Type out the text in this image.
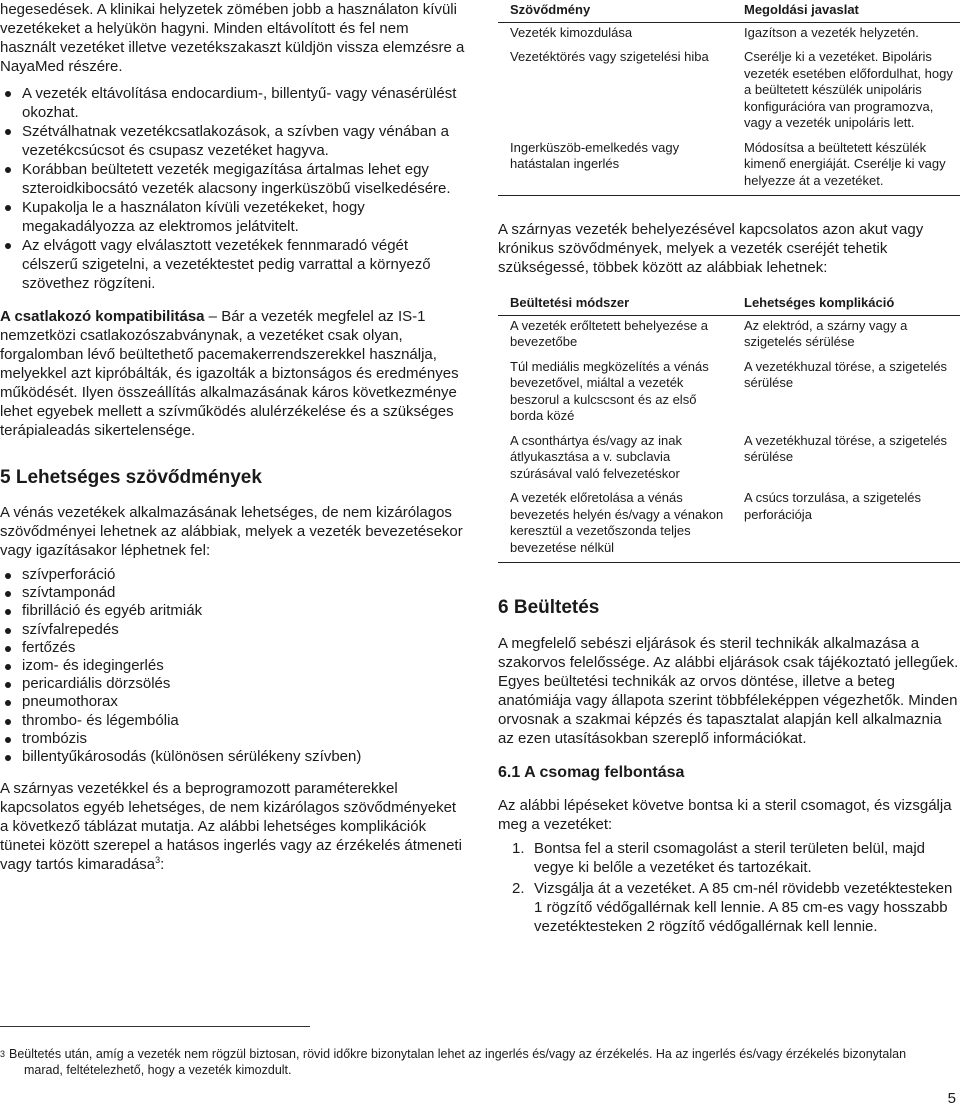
hegesedések. A klinikai helyzetek zömében jobb a használaton kívüli vezetékeket a helyükön hagyni. Minden eltávolított és fel nem használt vezetéket illetve vezetékszakaszt küldjön vissza elemzésre a NayaMed részére.

A vezeték eltávolítása endocardium-, billentyű- vagy vénasérülést okozhat.
Szétválhatnak vezetékcsatlakozások, a szívben vagy vénában a vezetékcsúcsot és csupasz vezetéket hagyva.
Korábban beültetett vezeték megigazítása ártalmas lehet egy szteroidkibocsátó vezeték alacsony ingerküszöbű viselkedésére.
Kupakolja le a használaton kívüli vezetékeket, hogy megakadályozza az elektromos jelátvitelt.
Az elvágott vagy elválasztott vezetékek fennmaradó végét célszerű szigetelni, a vezetéktestet pedig varrattal a környező szövethez rögzíteni.

A csatlakozó kompatibilitása – Bár a vezeték megfelel az IS-1 nemzetközi csatlakozószabványnak, a vezetéket csak olyan, forgalomban lévő beültethető pacemakerrendszerekkel használja, melyekkel azt kipróbálták, és igazolták a biztonságos és eredményes működését. Ilyen összeállítás alkalmazásának káros következménye lehet egyebek mellett a szívműködés alulérzékelése és a szükséges terápialeadás sikertelensége.

5 Lehetséges szövődmények

A vénás vezetékek alkalmazásának lehetséges, de nem kizárólagos szövődményei lehetnek az alábbiak, melyek a vezeték bevezetésekor vagy igazításakor léphetnek fel:

szívperforáció
szívtamponád
fibrilláció és egyéb aritmiák
szívfalrepedés
fertőzés
izom- és idegingerlés
pericardiális dörzsölés
pneumothorax
thrombo- és légembólia
trombózis
billentyűkárosodás (különösen sérülékeny szívben)

A szárnyas vezetékkel és a beprogramozott paraméterekkel kapcsolatos egyéb lehetséges, de nem kizárólagos szövődményeket a következő táblázat mutatja. Az alábbi lehetséges komplikációk tünetei között szerepel a hatásos ingerlés vagy az érzékelés átmeneti vagy tartós kimaradása$^3$:

Szövődmény	Megoldási javaslat
Vezeték kimozdulása	Igazítson a vezeték helyzetén.
Vezetéktörés vagy szigetelési hiba	Cserélje ki a vezetéket. Bipoláris vezeték esetében előfordulhat, hogy a beültetett készülék unipoláris konfigurációra van programozva, vagy a vezeték unipoláris lett.
Ingerküszöb-emelkedés vagy hatástalan ingerlés	Módosítsa a beültetett készülék kimenő energiáját. Cserélje ki vagy helyezze át a vezetéket.

A szárnyas vezeték behelyezésével kapcsolatos azon akut vagy krónikus szövődmények, melyek a vezeték cseréjét tehetik szükségessé, többek között az alábbiak lehetnek:

Beültetési módszer	Lehetséges komplikáció
A vezeték erőltetett behelyezése a bevezetőbe	Az elektród, a szárny vagy a szigetelés sérülése
Túl mediális megközelítés a vénás bevezetővel, miáltal a vezeték beszorul a kulcscsont és az első borda közé	A vezetékhuzal törése, a szigetelés sérülése
A csonthártya és/vagy az inak átlyukasztása a v. subclavia szúrásával való felvezetéskor	A vezetékhuzal törése, a szigetelés sérülése
A vezeték előretolása a vénás bevezetés helyén és/vagy a vénakon keresztül a vezetőszonda teljes bevezetése nélkül	A csúcs torzulása, a szigetelés perforációja
6 Beültetés

A megfelelő sebészi eljárások és steril technikák alkalmazása a szakorvos felelőssége. Az alábbi eljárások csak tájékoztató jellegűek. Egyes beültetési technikák az orvos döntése, illetve a beteg anatómiája vagy állapota szerint többféleképpen végezhetők. Minden orvosnak a szakmai képzés és tapasztalat alapján kell alkalmaznia az ezen utasításokban szereplő információkat.

6.1 A csomag felbontása

Az alábbi lépéseket követve bontsa ki a steril csomagot, és vizsgálja meg a vezetéket:

1. Bontsa fel a steril csomagolást a steril területen belül, majd vegye ki belőle a vezetéket és tartozékait.
2. Vizsgálja át a vezetéket. A 85 cm-nél rövidebb vezetéktesteken 1 rögzítő védőgallérnak kell lennie. A 85 cm-es vagy hosszabb vezetéktesteken 2 rögzítő védőgallérnak kell lennie.
$^3$ Beültetés után, amíg a vezeték nem rögzül biztosan, rövid időkre bizonytalan lehet az ingerlés és/vagy az érzékelés. Ha az ingerlés és/vagy érzékelés bizonytalan
marad, feltételezhető, hogy a vezeték kimozdult.
5
